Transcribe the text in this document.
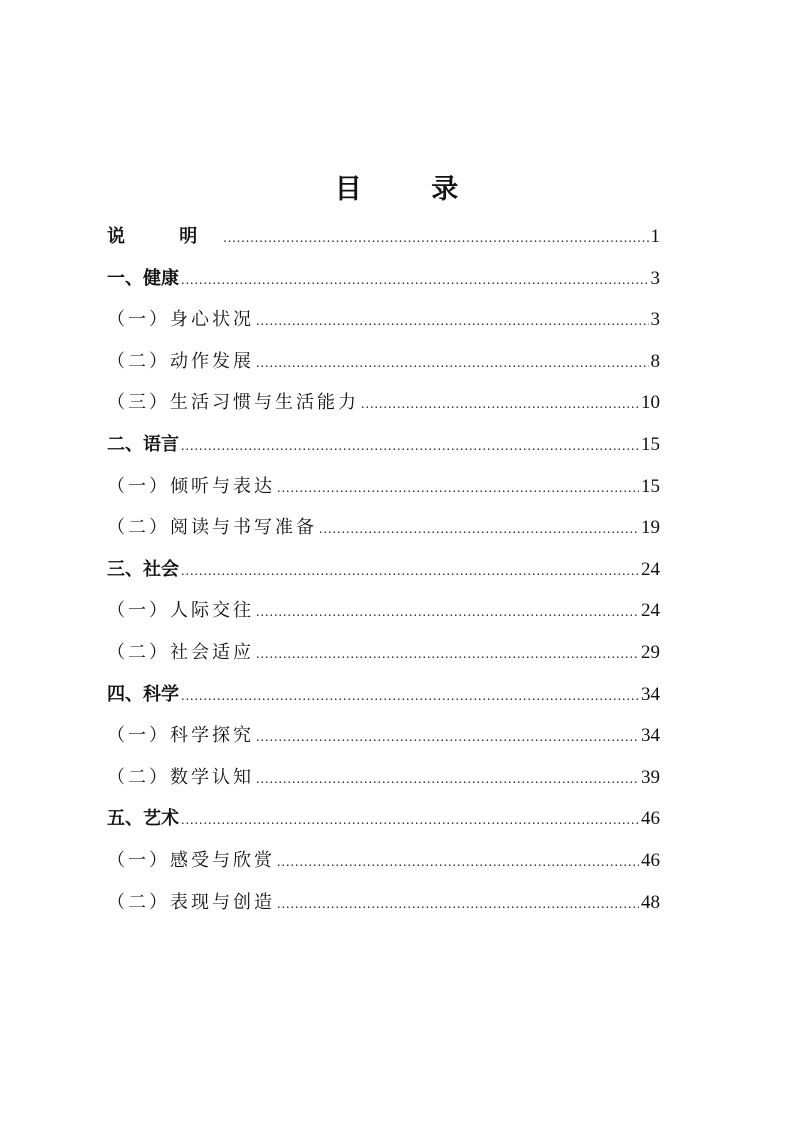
目 录
说 明 .....	1
一、健康 .....	3
（一）身心状况 .....	3
（二）动作发展 .....	8
（三）生活习惯与生活能力 .....	10
二、语言 .....	15
（一）倾听与表达 .....	15
（二）阅读与书写准备 .....	19
三、社会 .....	24
（一）人际交往 .....	24
（二）社会适应 .....	29
四、科学 .....	34
（一）科学探究 .....	34
（二）数学认知 .....	39
五、艺术 .....	46
（一）感受与欣赏 .....	46
（二）表现与创造 .....	48
